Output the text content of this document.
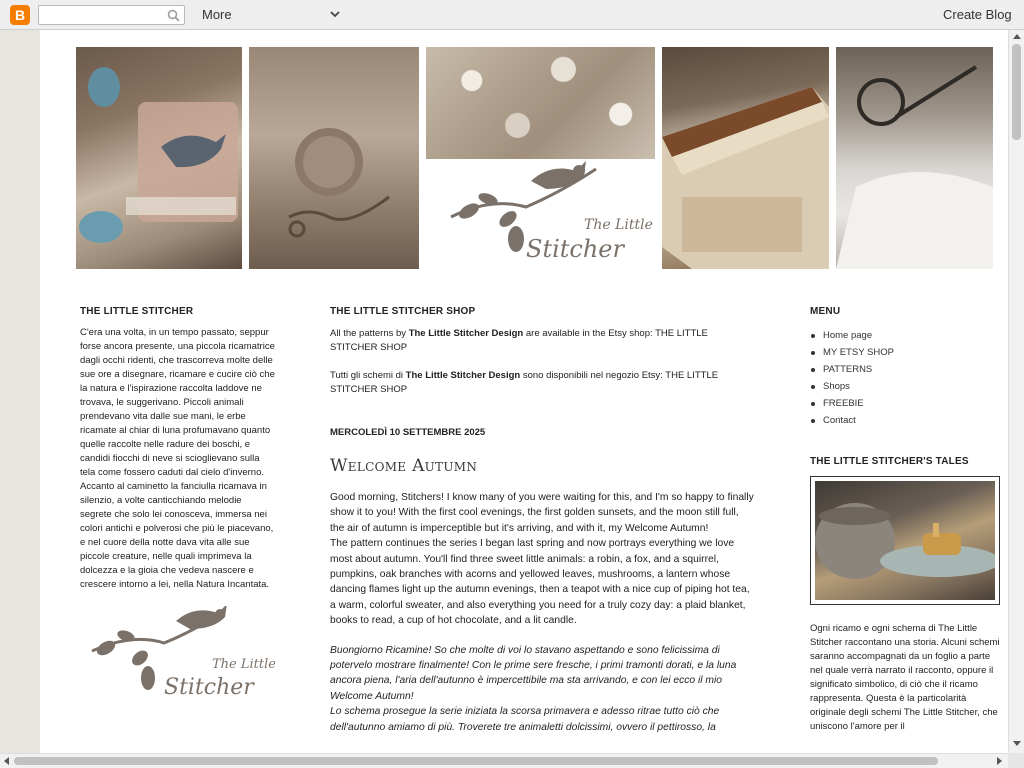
B	More	Create Blog
The Little
Stitcher
THE LITTLE STITCHER
C'era una volta, in un tempo passato, seppur forse ancora presente, una piccola ricamatrice dagli occhi ridenti, che trascorreva molte delle sue ore a disegnare, ricamare e cucire ciò che la natura e l'ispirazione raccolta laddove ne trovava, le suggerivano. Piccoli animali prendevano vita dalle sue mani, le erbe ricamate al chiar di luna profumavano quanto quelle raccolte nelle radure dei boschi, e candidi fiocchi di neve si scioglievano sulla tela come fossero caduti dal cielo d'inverno. Accanto al caminetto la fanciulla ricamava in silenzio, a volte canticchiando melodie segrete che solo lei conosceva, immersa nei colori antichi e polverosi che più le piacevano, e nel cuore della notte dava vita alle sue piccole creature, nelle quali imprimeva la dolcezza e la gioia che vedeva nascere e crescere intorno a lei, nella Natura Incantata.
The Little
Stitcher
THE LITTLE STITCHER SHOP
All the patterns by The Little Stitcher Design are available in the Etsy shop: THE LITTLE STITCHER SHOP
Tutti gli schemi di The Little Stitcher Design sono disponibili nel negozio Etsy: THE LITTLE STITCHER SHOP
MERCOLEDÌ 10 SETTEMBRE 2025
Welcome Autumn
Good morning, Stitchers! I know many of you were waiting for this, and I'm so happy to finally show it to you! With the first cool evenings, the first golden sunsets, and the moon still full, the air of autumn is imperceptible but it's arriving, and with it, my Welcome Autumn!
The pattern continues the series I began last spring and now portrays everything we love most about autumn. You'll find three sweet little animals: a robin, a fox, and a squirrel, pumpkins, oak branches with acorns and yellowed leaves, mushrooms, a lantern whose dancing flames light up the autumn evenings, then a teapot with a nice cup of piping hot tea, a warm, colorful sweater, and also everything you need for a truly cozy day: a plaid blanket, books to read, a cup of hot chocolate, and a lit candle.
Buongiorno Ricamine! So che molte di voi lo stavano aspettando e sono felicissima di potervelo mostrare finalmente! Con le prime sere fresche, i primi tramonti dorati, e la luna ancora piena, l'aria dell'autunno è impercettibile ma sta arrivando, e con lei ecco il mio Welcome Autumn!
Lo schema prosegue la serie iniziata la scorsa primavera e adesso ritrae tutto ciò che dell'autunno amiamo di più. Troverete tre animaletti dolcissimi, ovvero il pettirosso, la
MENU
Home page
MY ETSY SHOP
PATTERNS
Shops
FREEBIE
Contact
THE LITTLE STITCHER'S TALES
Ogni ricamo e ogni schema di The Little Stitcher raccontano una storia. Alcuni schemi saranno accompagnati da un foglio a parte nel quale verrà narrato il racconto, oppure il significato simbolico, di ciò che il ricamo rappresenta. Questa è la particolarità originale degli schemi The Little Stitcher, che uniscono l'amore per il
